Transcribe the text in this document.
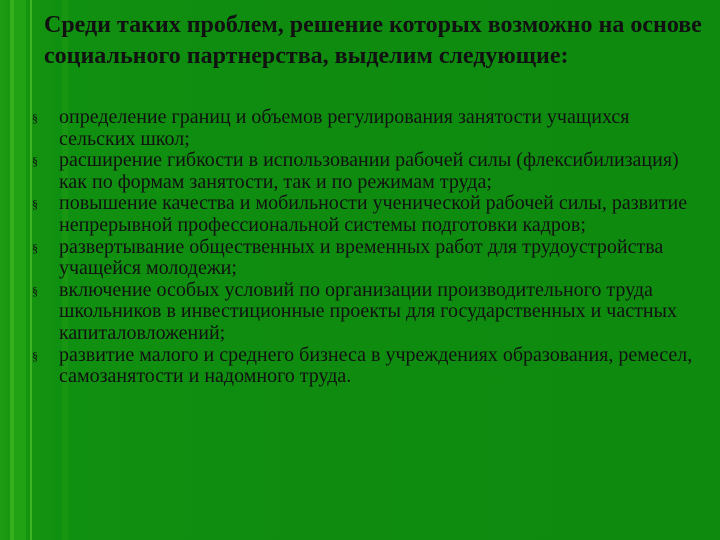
Среди таких проблем, решение которых возможно на основе социального партнерства, выделим следующие:
§ определение границ и объемов регулирования занятости учащихся сельских школ;
§ расширение гибкости в использовании рабочей силы (флексибилизация) как по формам занятости, так и по режимам труда;
§ повышение качества и мобильности ученической рабочей силы, развитие непрерывной профессиональной системы подготовки кадров;
§ развертывание общественных и временных работ для трудоустройства учащейся молодежи;
§ включение особых условий по организации производительного труда школьников в инвестиционные проекты для государственных и частных капиталовложений;
§ развитие малого и среднего бизнеса в учреждениях образования, ремесел, самозанятости и надомного труда.
